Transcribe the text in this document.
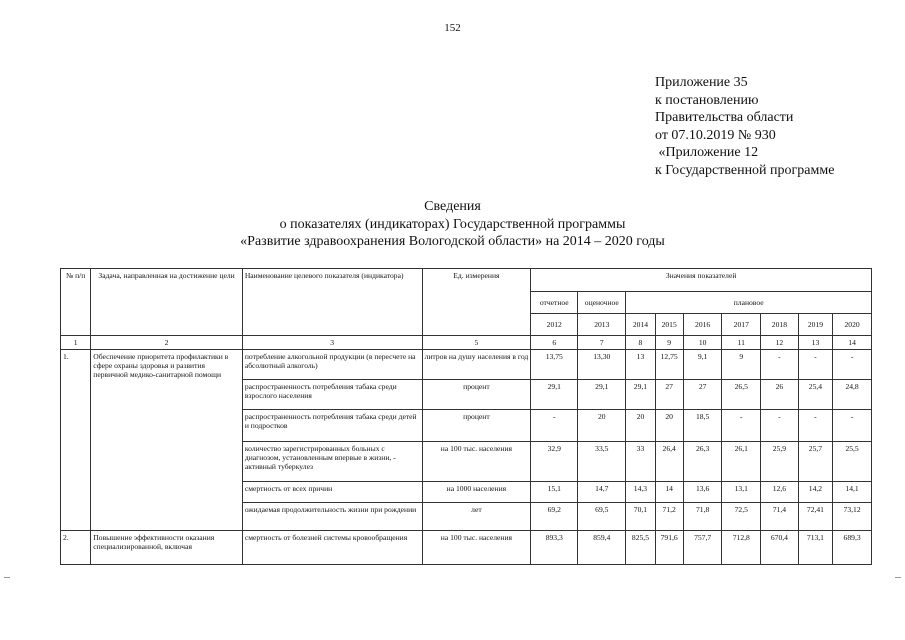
152
Приложение 35
к постановлению
Правительства области
от 07.10.2019 № 930
«Приложение 12
к Государственной программе
Сведения
о показателях (индикаторах) Государственной программы
«Развитие здравоохранения Вологодской области» на 2014 – 2020 годы
№ п/п	Задача, направленная на достижение цели	Наименование целевого показателя (индикатора)	Ед. измерения	Значения показателей								
				отчетное	оценочное	плановое						
				2012	2013	2014	2015	2016	2017	2018	2019	2020
1	2	3	5	6	7	8	9	10	11	12	13	14
1.	Обеспечение приоритета профилактики в сфере охраны здоровья и развития первичной медико-санитарной помощи	потребление алкогольной продукции (в пересчете на абсолютный алкоголь)	литров на душу населения в год	13,75	13,30	13	12,75	9,1	9	-	-	-
		распространенность потребления табака среди взрослого населения	процент	29,1	29,1	29,1	27	27	26,5	26	25,4	24,8
		распространенность потребления табака среди детей и подростков	процент	-	20	20	20	18,5	-	-	-	-
		количество зарегистрированных больных с диагнозом, установленным впервые в жизни, - активный туберкулез	на 100 тыс. населения	32,9	33,5	33	26,4	26,3	26,1	25,9	25,7	25,5
		смертность от всех причин	на 1000 населения	15,1	14,7	14,3	14	13,6	13,1	12,6	14,2	14,1
		ожидаемая продолжительность жизни при рождении	лет	69,2	69,5	70,1	71,2	71,8	72,5	71,4	72,41	73,12
2.	Повышение эффективности оказания специализированной, включая	смертность от болезней системы кровообращения	на 100 тыс. населения	893,3	859,4	825,5	791,6	757,7	712,8	670,4	713,1	689,3
